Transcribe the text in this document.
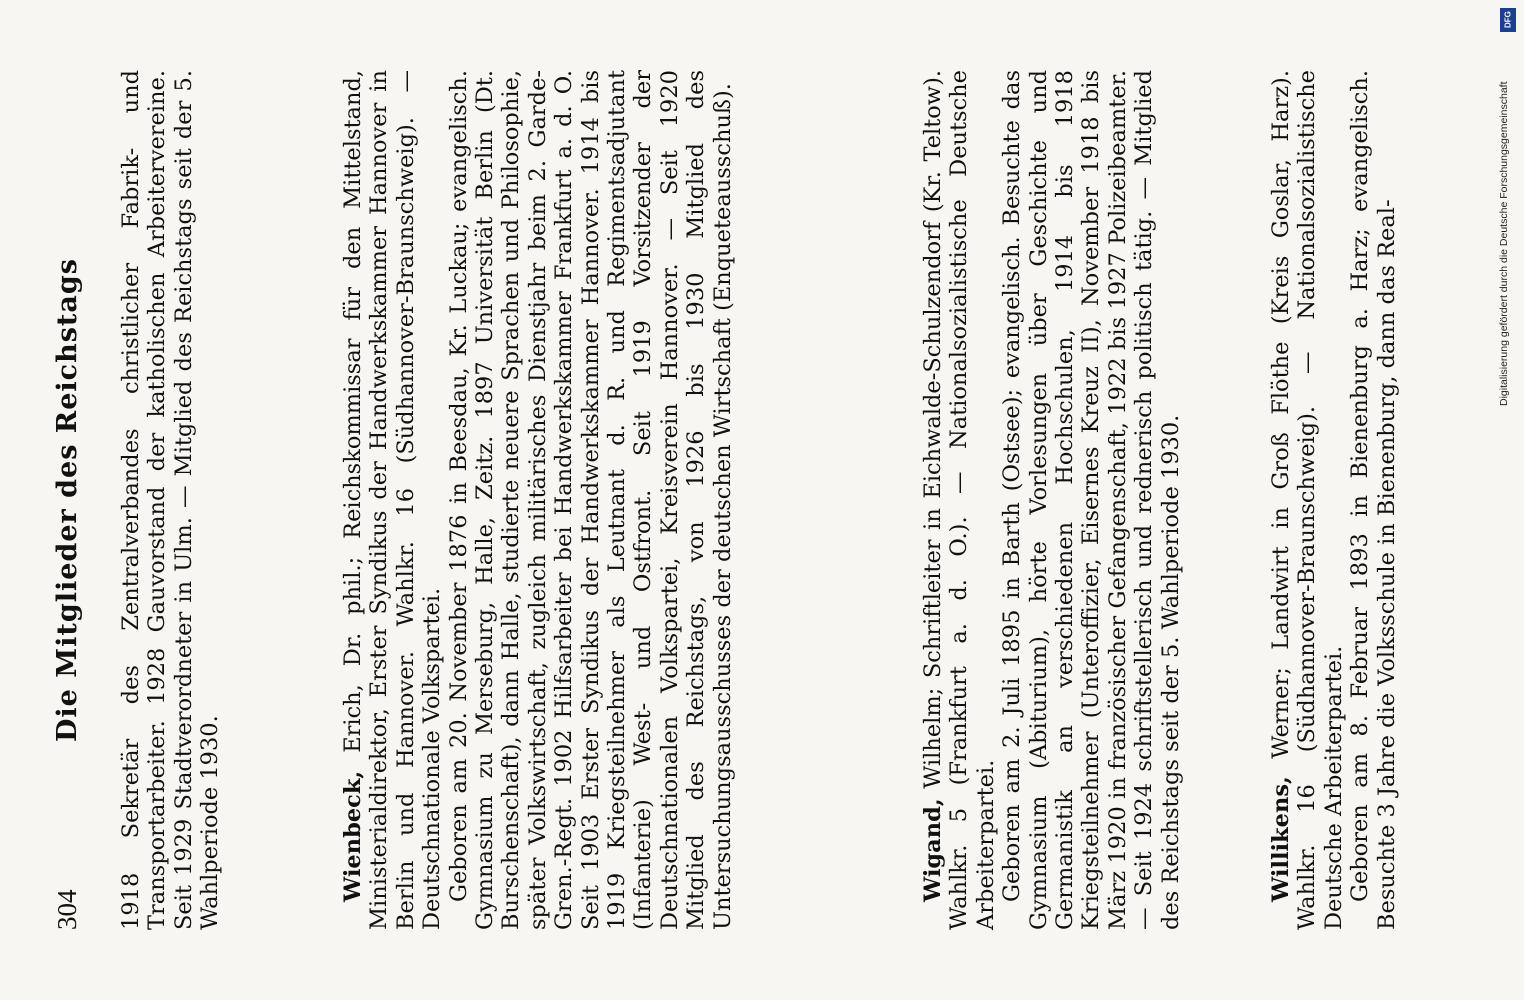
304
Die Mitglieder des Reichstags 1918 Sekretär des Zentralverbandes christlicher Fabrik- und Transportarbeiter. 1928 Gauvorstand der katholischen Arbeitervereine. Seit 1929 Stadtverordneter in Ulm. — Mitglied des Reichstags seit der 5. Wahlperiode 1930.	Wienbeck, Erich, Dr. phil.; Reichskommissar für den Mittelstand, Ministerialdirektor, Erster Syndikus der Handwerkskammer Hannover in Berlin und Hannover. Wahlkr. 16 (Südhannover-Braunschweig). — Deutschnationale Volkspartei. Geboren am 20. November 1876 in Beesdau, Kr. Luckau; evangelisch. Gymnasium zu Merseburg, Halle, Zeitz. 1897 Universität Berlin (Dt. Burschenschaft), dann Halle, studierte neuere Sprachen und Philosophie, später Volkswirtschaft, zugleich militärisches Dienstjahr beim 2. Garde-Gren.-Regt. 1902 Hilfsarbeiter bei Handwerkskammer Frankfurt a. d. O. Seit 1903 Erster Syndikus der Handwerkskammer Hannover. 1914 bis 1919 Kriegsteilnehmer als Leutnant d. R. und Regimentsadjutant (Infanterie) West- und Ostfront. Seit 1919 Vorsitzender der Deutschnationalen Volkspartei, Kreisverein Hannover. — Seit 1920 Mitglied des Reichstags, von 1926 bis 1930 Mitglied des Untersuchungsausschusses der deutschen Wirtschaft (Enqueteausschuß).	Wigand, Wilhelm; Schriftleiter in Eichwalde-Schulzendorf (Kr. Teltow). Wahlkr. 5 (Frankfurt a. d. O.). — Nationalsozialistische Deutsche Arbeiterpartei. Geboren am 2. Juli 1895 in Barth (Ostsee); evangelisch. Besuchte das Gymnasium (Abiturium), hörte Vorlesungen über Geschichte und Germanistik an verschiedenen Hochschulen, 1914 bis 1918 Kriegsteilnehmer (Unteroffizier, Eisernes Kreuz II), November 1918 bis März 1920 in französischer Gefangenschaft, 1922 bis 1927 Polizeibeamter. — Seit 1924 schriftstellerisch und rednerisch politisch tätig. — Mitglied des Reichstags seit der 5. Wahlperiode 1930.	Willikens, Werner; Landwirt in Groß Flöthe (Kreis Goslar, Harz). Wahlkr. 16 (Südhannover-Braunschweig). — Nationalsozialistische Deutsche Arbeiterpartei. Geboren am 8. Februar 1893 in Bienenburg a. Harz; evangelisch. Besuchte 3 Jahre die Volksschule in Bienenburg, dann das Real-

DFG
Digitalisierung gefördert durch die Deutsche Forschungsgemeinschaft
